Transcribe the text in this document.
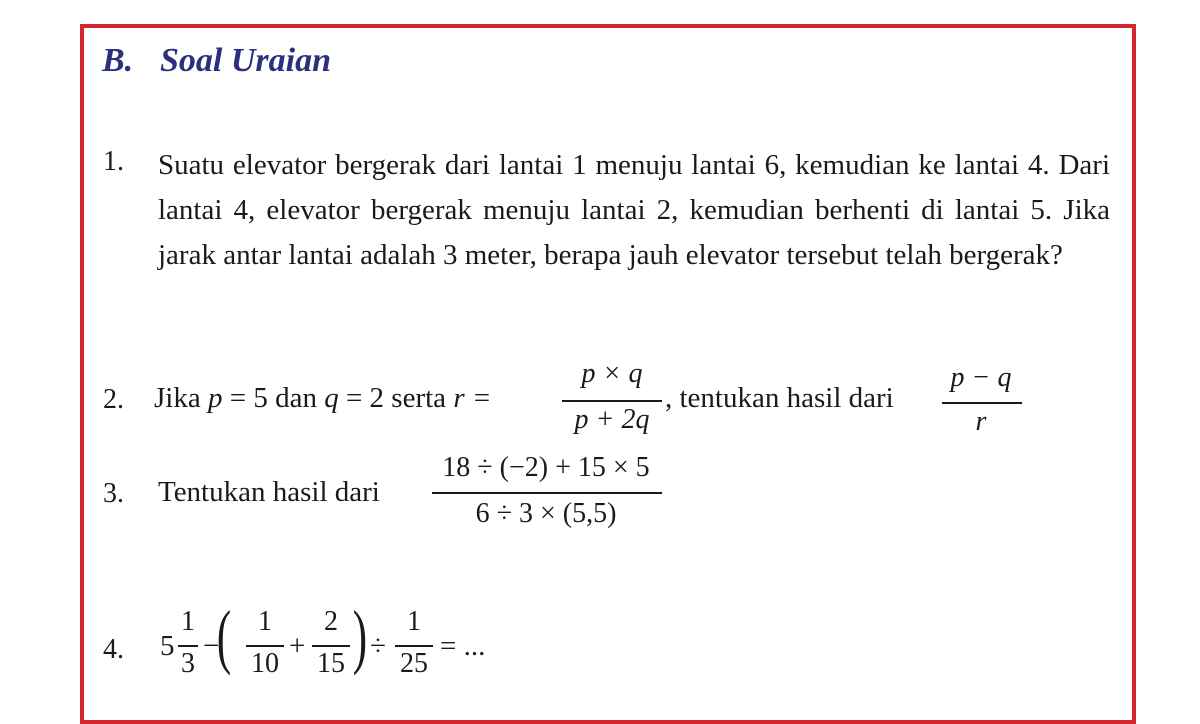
B. Soal Uraian
1. Suatu elevator bergerak dari lantai 1 menuju lantai 6, kemudian ke lantai 4. Dari lantai 4, elevator bergerak menuju lantai 2, kemudian berhenti di lantai 5. Jika jarak antar lantai adalah 3 meter, berapa jauh elevator tersebut telah bergerak?
2. Jika p = 5 dan q = 2 serta r =
p × q
p + 2q
, tentukan hasil dari
p − q
r
3. Tentukan hasil dari
18 ÷ (−2) + 15 × 5
6 ÷ 3 × (5,5)
4. 5
1
3
−
( 1
10
+
2
15 ) ÷
1
25
= ...
